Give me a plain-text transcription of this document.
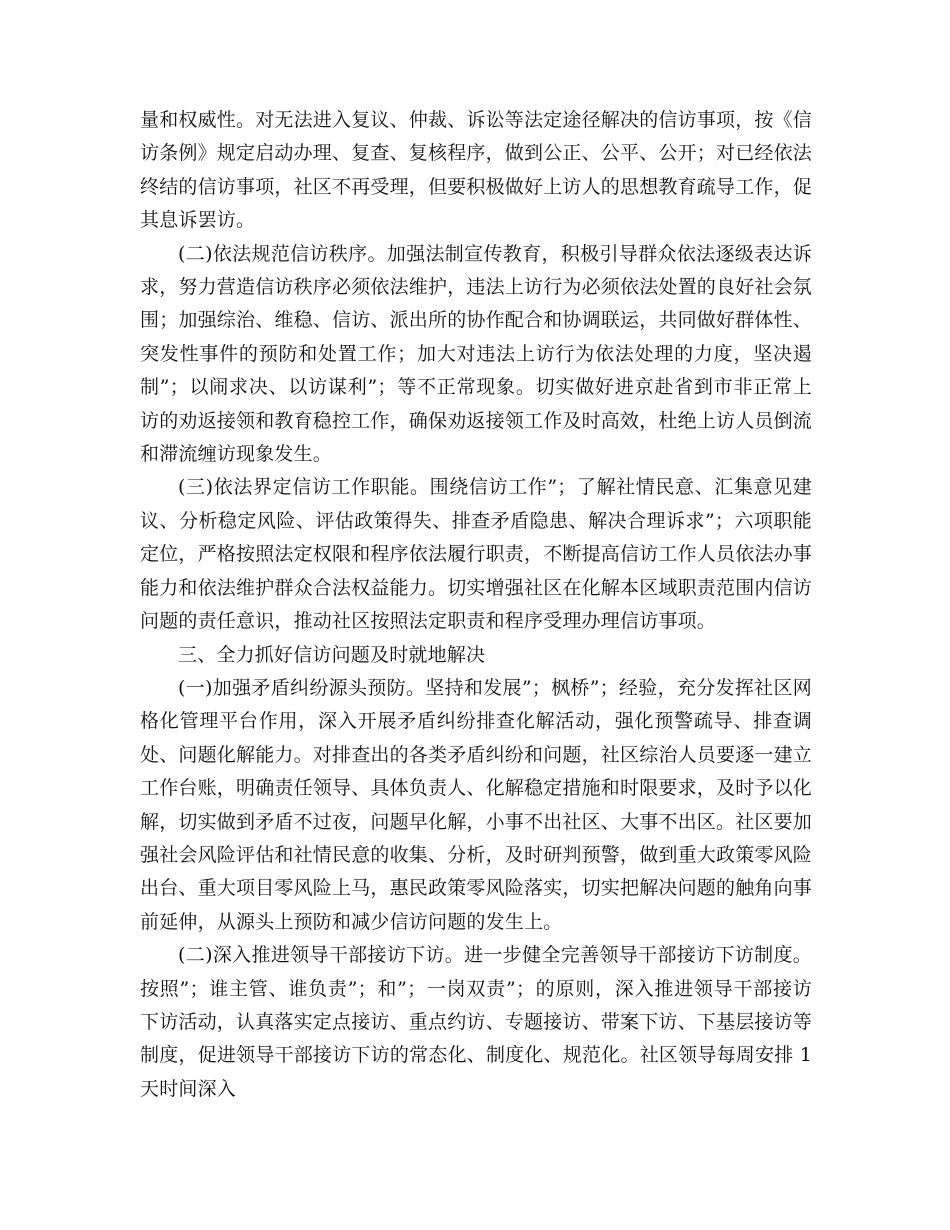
量和权威性。对无法进入复议、仲裁、诉讼等法定途径解决的信访事项，按《信访条例》规定启动办理、复查、复核程序，做到公正、公平、公开；对已经依法终结的信访事项，社区不再受理，但要积极做好上访人的思想教育疏导工作，促其息诉罢访。

(二)依法规范信访秩序。加强法制宣传教育，积极引导群众依法逐级表达诉求，努力营造信访秩序必须依法维护，违法上访行为必须依法处置的良好社会氛围；加强综治、维稳、信访、派出所的协作配合和协调联运，共同做好群体性、突发性事件的预防和处置工作；加大对违法上访行为依法处理的力度，坚决遏制”；以闹求决、以访谋利”；等不正常现象。切实做好进京赴省到市非正常上访的劝返接领和教育稳控工作，确保劝返接领工作及时高效，杜绝上访人员倒流和滞流缠访现象发生。

(三)依法界定信访工作职能。围绕信访工作”；了解社情民意、汇集意见建议、分析稳定风险、评估政策得失、排查矛盾隐患、解决合理诉求”；六项职能定位，严格按照法定权限和程序依法履行职责，不断提高信访工作人员依法办事能力和依法维护群众合法权益能力。切实增强社区在化解本区域职责范围内信访问题的责任意识，推动社区按照法定职责和程序受理办理信访事项。

三、全力抓好信访问题及时就地解决

(一)加强矛盾纠纷源头预防。坚持和发展”；枫桥”；经验，充分发挥社区网格化管理平台作用，深入开展矛盾纠纷排查化解活动，强化预警疏导、排查调处、问题化解能力。对排查出的各类矛盾纠纷和问题，社区综治人员要逐一建立工作台账，明确责任领导、具体负责人、化解稳定措施和时限要求，及时予以化解，切实做到矛盾不过夜，问题早化解，小事不出社区、大事不出区。社区要加强社会风险评估和社情民意的收集、分析，及时研判预警，做到重大政策零风险出台、重大项目零风险上马，惠民政策零风险落实，切实把解决问题的触角向事前延伸，从源头上预防和减少信访问题的发生上。

(二)深入推进领导干部接访下访。进一步健全完善领导干部接访下访制度。按照”；谁主管、谁负责”；和”；一岗双责”；的原则，深入推进领导干部接访下访活动，认真落实定点接访、重点约访、专题接访、带案下访、下基层接访等制度，促进领导干部接访下访的常态化、制度化、规范化。社区领导每周安排 1 天时间深入
